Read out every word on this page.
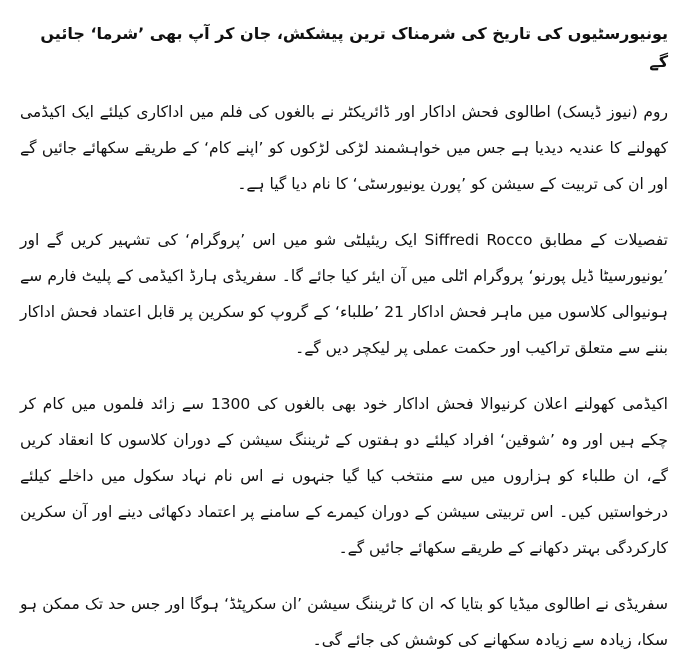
یونیورسٹیوں کی تاریخ کی شرمناک ترین پیشکش، جان کر آپ بھی ’شرما‘ جائیں گے

روم (نیوز ڈیسک) اطالوی فحش اداکار اور ڈائریکٹر نے بالغوں کی فلم میں اداکاری کیلئے ایک اکیڈمی کھولنے کا عندیہ دیدیا ہے جس میں خواہشمند لڑکی لڑکوں کو ’اپنے کام‘ کے طریقے سکھائے جائیں گے اور ان کی تربیت کے سیشن کو ’پورن یونیورسٹی‘ کا نام دیا گیا ہے۔

تفصیلات کے مطابق Siffredi Rocco ایک ریئیلٹی شو میں اس ’پروگرام‘ کی تشہیر کریں گے اور ’یونیورسیٹا ڈیل پورنو‘ پروگرام اٹلی میں آن ایئر کیا جائے گا۔ سفریڈی ہارڈ اکیڈمی کے پلیٹ فارم سے ہونیوالی کلاسوں میں ماہر فحش اداکار 21 ’طلباء‘ کے گروپ کو سکرین پر قابل اعتماد فحش اداکار بننے سے متعلق تراکیب اور حکمت عملی پر لیکچر دیں گے۔

اکیڈمی کھولنے اعلان کرنیوالا فحش اداکار خود بھی بالغوں کی 1300 سے زائد فلموں میں کام کر چکے ہیں اور وہ ’شوقین‘ افراد کیلئے دو ہفتوں کے ٹریننگ سیشن کے دوران کلاسوں کا انعقاد کریں گے، ان طلباء کو ہزاروں میں سے منتخب کیا گیا جنہوں نے اس نام نہاد سکول میں داخلے کیلئے درخواستیں کیں۔ اس تربیتی سیشن کے دوران کیمرے کے سامنے پر اعتماد دکھائی دینے اور آن سکرین کارکردگی بہتر دکھانے کے طریقے سکھائے جائیں گے۔

سفریڈی نے اطالوی میڈیا کو بتایا کہ ان کا ٹریننگ سیشن ’ان سکرپٹڈ‘ ہوگا اور جس حد تک ممکن ہو سکا، زیادہ سے زیادہ سکھانے کی کوشش کی جائے گی۔
